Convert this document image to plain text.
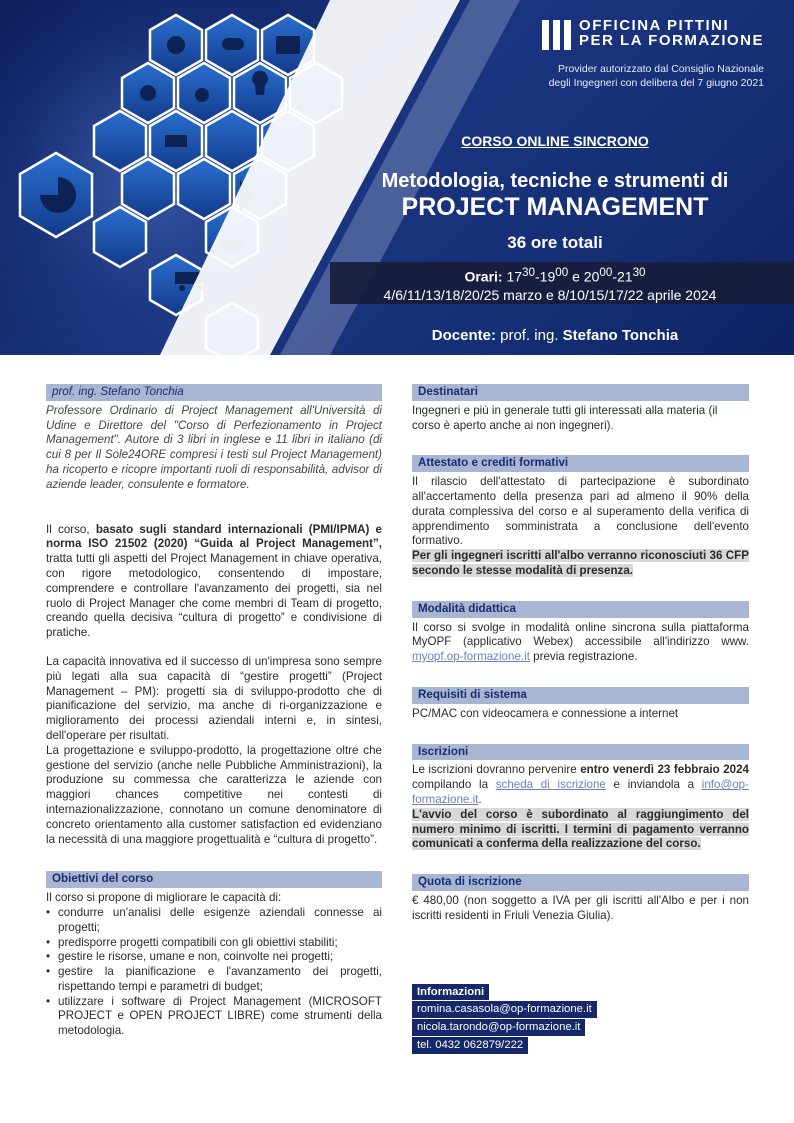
OFFICINA PITTINI
PER LA FORMAZIONE
Provider autorizzato dal Consiglio Nazionale
degli Ingegneri con delibera del 7 giugno 2021
CORSO ONLINE SINCRONO
Metodologia, tecniche e strumenti di
PROJECT MANAGEMENT
36 ore totali
Orari: $17^{30}-19^{00}$ e $20^{00}-21^{30}$
4/6/11/13/18/20/25 marzo e 8/10/15/17/22 aprile 2024
Docente: prof. ing. Stefano Tonchia
prof. ing. Stefano Tonchia
Professore Ordinario di Project Management all'Università di Udine e Direttore del "Corso di Perfezionamento in Project Management". Autore di 3 libri in inglese e 11 libri in italiano (di cui 8 per Il Sole24ORE compresi i testi sul Project Management) ha ricoperto e ricopre importanti ruoli di responsabilità, advisor di aziende leader, consulente e formatore.
Il corso, basato sugli standard internazionali (PMI/IPMA) e norma ISO 21502 (2020) “Guida al Project Management”, tratta tutti gli aspetti del Project Management in chiave operativa, con rigore metodologico, consentendo di impostare, comprendere e controllare l'avanzamento dei progetti, sia nel ruolo di Project Manager che come membri di Team di progetto, creando quella decisiva “cultura di progetto” e condivisione di pratiche.
La capacità innovativa ed il successo di un'impresa sono sempre più legati alla sua capacità di “gestire progetti” (Project Management – PM): progetti sia di sviluppo-prodotto che di pianificazione del servizio, ma anche di ri-organizzazione e miglioramento dei processi aziendali interni e, in sintesi, dell'operare per risultati.
La progettazione e sviluppo-prodotto, la progettazione oltre che gestione del servizio (anche nelle Pubbliche Amministrazioni), la produzione su commessa che caratterizza le aziende con maggiori chances competitive nei contesti di internazionalizzazione, connotano un comune denominatore di concreto orientamento alla customer satisfaction ed evidenziano la necessità di una maggiore progettualità e “cultura di progetto”.
Obiettivi del corso
Il corso si propone di migliorare le capacità di:
• condurre un'analisi delle esigenze aziendali connesse ai progetti;
• predisporre progetti compatibili con gli obiettivi stabiliti;
• gestire le risorse, umane e non, coinvolte nei progetti;
• gestire la pianificazione e l'avanzamento dei progetti, rispettando tempi e parametri di budget;
• utilizzare i software di Project Management (MICROSOFT PROJECT e OPEN PROJECT LIBRE) come strumenti della metodologia.
Destinatari
Ingegneri e più in generale tutti gli interessati alla materia (il corso è aperto anche ai non ingegneri).
Attestato e crediti formativi
Il rilascio dell'attestato di partecipazione è subordinato all'accertamento della presenza pari ad almeno il 90% della durata complessiva del corso e al superamento della verifica di apprendimento somministrata a conclusione dell'evento formativo.
Per gli ingegneri iscritti all'albo verranno riconosciuti 36 CFP secondo le stesse modalità di presenza.
Modalità didattica
Il corso si svolge in modalità online sincrona sulla piattaforma MyOPF (applicativo Webex) accessibile all'indirizzo www. myopf.op-formazione.it previa registrazione.
Requisiti di sistema
PC/MAC con videocamera e connessione a internet
Iscrizioni
Le iscrizioni dovranno pervenire entro venerdì 23 febbraio 2024 compilando la scheda di iscrizione e inviandola a info@op-formazione.it.
L'avvio del corso è subordinato al raggiungimento del numero minimo di iscritti. I termini di pagamento verranno comunicati a conferma della realizzazione del corso.
Quota di iscrizione
€ 480,00 (non soggetto a IVA per gli iscritti all'Albo e per i non iscritti residenti in Friuli Venezia Giulia).
Informazioni
romina.casasola@op-formazione.it
nicola.tarondo@op-formazione.it
tel. 0432 062879/222
